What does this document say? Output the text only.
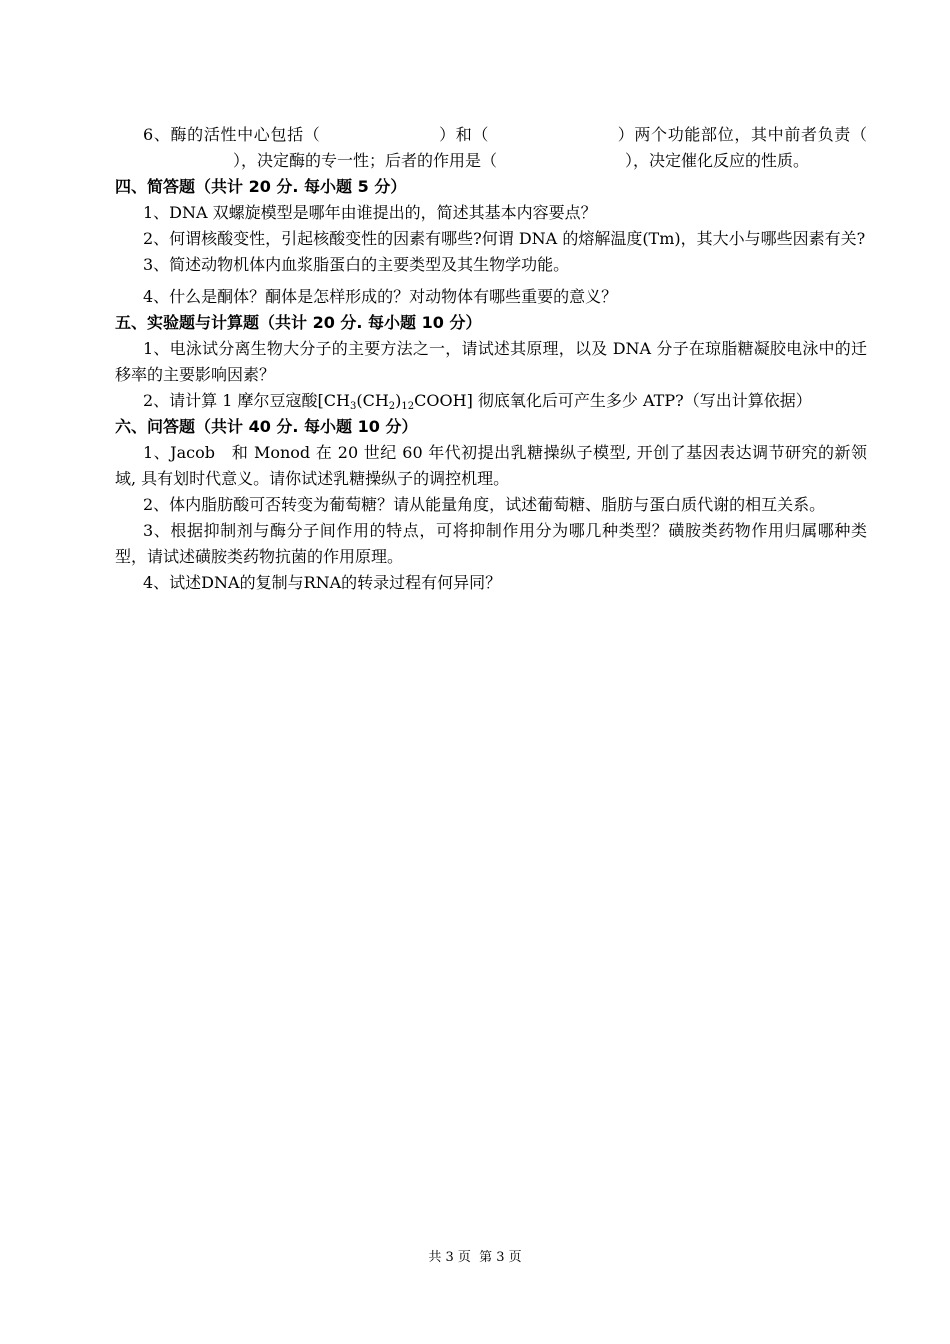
6、酶的活性中心包括（	）和（	）两个功能部位，其中前者负责（），决定酶的专一性；后者的作用是（	），决定催化反应的性质。

四、简答题（共计 20 分. 每小题 5 分）

1、DNA 双螺旋模型是哪年由谁提出的，简述其基本内容要点？

2、何谓核酸变性，引起核酸变性的因素有哪些?何谓 DNA 的熔解温度(Tm)，其大小与哪些因素有关?

3、简述动物机体内血浆脂蛋白的主要类型及其生物学功能。

4、什么是酮体？酮体是怎样形成的？对动物体有哪些重要的意义？

五、实验题与计算题（共计 20 分. 每小题 10 分）

1、电泳试分离生物大分子的主要方法之一，请试述其原理，以及 DNA 分子在琼脂糖凝胶电泳中的迁移率的主要影响因素？

2、请计算 1 摩尔豆寇酸$[CH_3(CH_2)_{12}COOH]$ 彻底氧化后可产生多少 ATP?（写出计算依据）

六、问答题（共计 40 分. 每小题 10 分）

1、Jacob　和 Monod 在 20 世纪 60 年代初提出乳糖操纵子模型, 开创了基因表达调节研究的新领域, 具有划时代意义。请你试述乳糖操纵子的调控机理。

2、体内脂肪酸可否转变为葡萄糖？请从能量角度，试述葡萄糖、脂肪与蛋白质代谢的相互关系。

3、根据抑制剂与酶分子间作用的特点，可将抑制作用分为哪几种类型？磺胺类药物作用归属哪种类型，请试述磺胺类药物抗菌的作用原理。

4、试述DNA的复制与RNA的转录过程有何异同？

共 3 页 第 3 页
